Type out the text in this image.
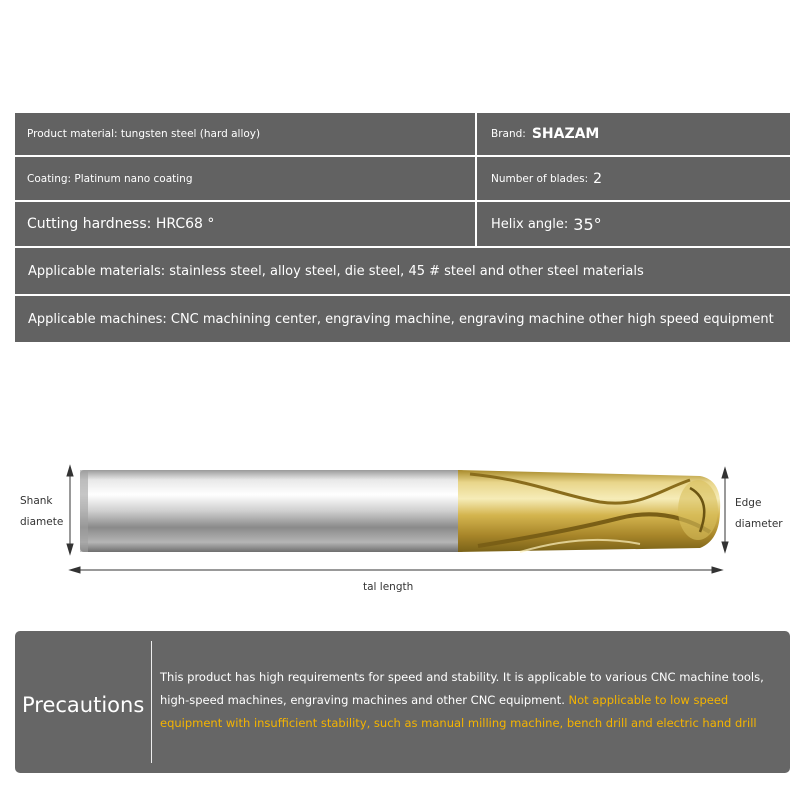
Product material: tungsten steel (hard alloy)	Brand: SHAZAM
Coating: Platinum nano coating	Number of blades: 2
Cutting hardness: HRC68 °	Helix angle: 35°
Applicable materials: stainless steel, alloy steel, die steel, 45 # steel and other steel materials
Applicable machines: CNC machining center, engraving machine, engraving machine other high speed equipment
Shank
diamete
Edge
diameter
tal length
Precautions
This product has high requirements for speed and stability. It is applicable to various CNC machine tools, high-speed machines, engraving machines and other CNC equipment. Not applicable to low speed equipment with insufficient stability, such as manual milling machine, bench drill and electric hand drill
